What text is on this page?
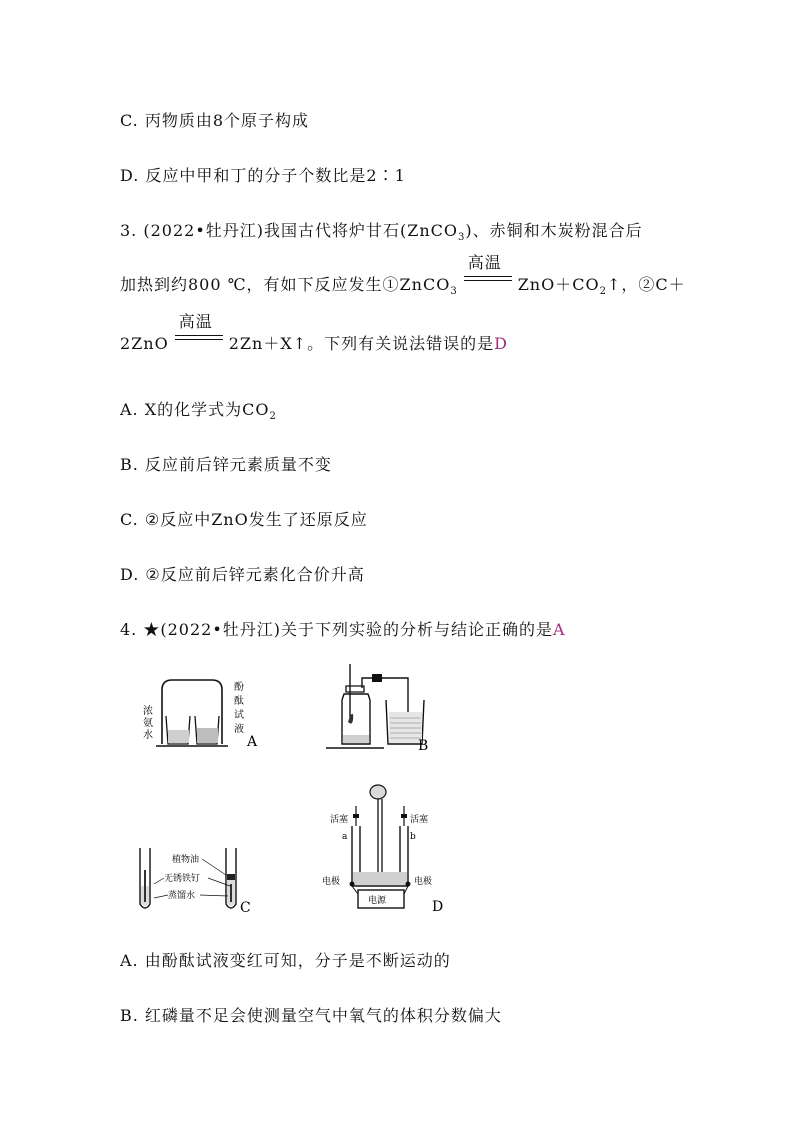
C. 丙物质由8个原子构成
D. 反应中甲和丁的分子个数比是2∶1
3. (2022•牡丹江)我国古代将炉甘石(ZnCO$_3$)、赤铜和木炭粉混合后
加热到约800 ℃，有如下反应发生①ZnCO$_3$
高温
$ZnO+CO_2↑$，②C＋
2ZnO
高温
2Zn＋X↑。下列有关说法错误的是D
A. X的化学式为$CO_2$
B. 反应前后锌元素质量不变
C. ②反应中ZnO发生了还原反应
D. ②反应前后锌元素化合价升高
4. ★(2022•牡丹江)关于下列实验的分析与结论正确的是A
浓
氨
水
酚
酞
试
液
A	B
植物油
无锈铁钉
蒸馏水
C
活塞	活塞
a	b
电极	电极
电源	D
A. 由酚酞试液变红可知，分子是不断运动的
B. 红磷量不足会使测量空气中氧气的体积分数偏大
